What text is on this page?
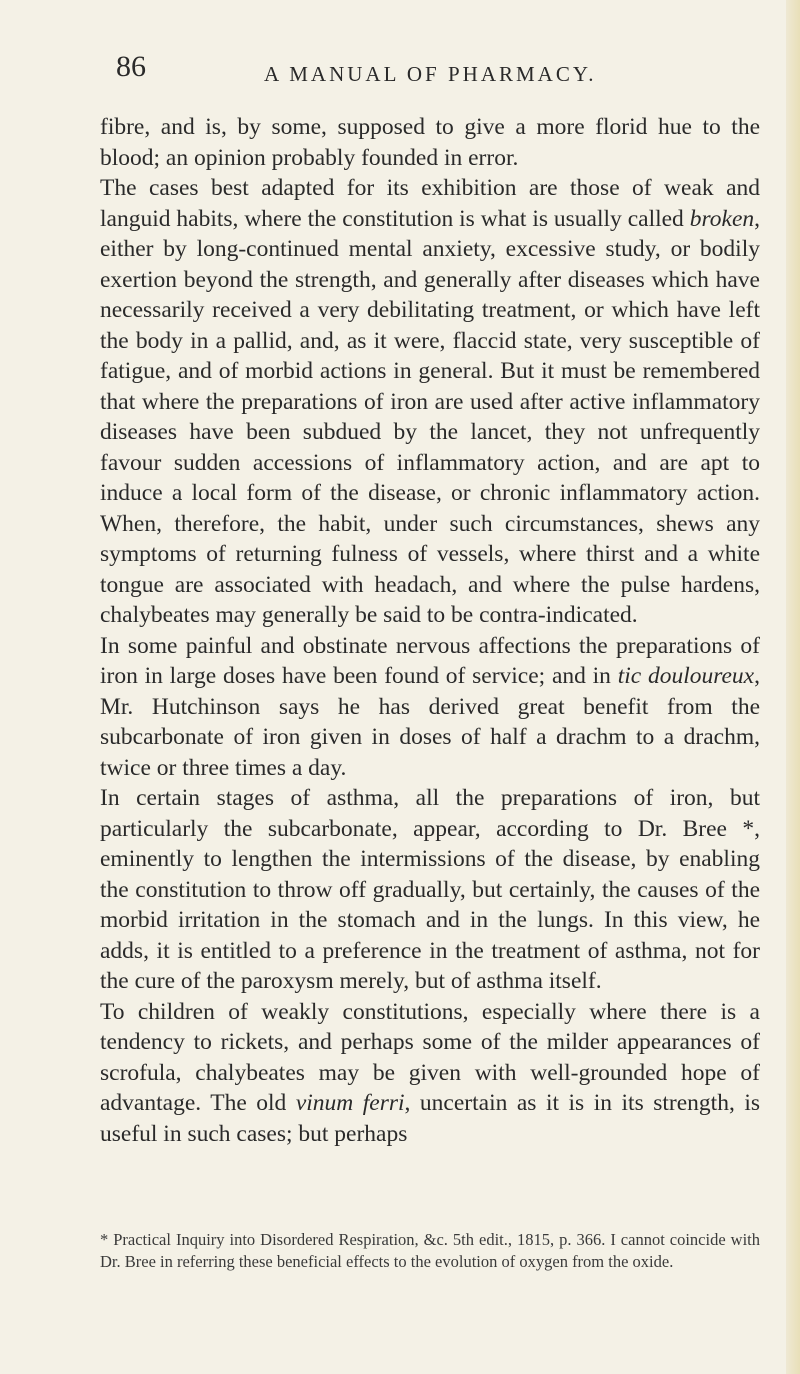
86	A MANUAL OF PHARMACY.

fibre, and is, by some, supposed to give a more florid hue to the blood; an opinion probably founded in error.

The cases best adapted for its exhibition are those of weak and languid habits, where the constitution is what is usually called broken, either by long-continued mental anxiety, excessive study, or bodily exertion beyond the strength, and generally after diseases which have necessarily received a very debilitating treatment, or which have left the body in a pallid, and, as it were, flaccid state, very susceptible of fatigue, and of morbid actions in general. But it must be remembered that where the preparations of iron are used after active inflammatory diseases have been subdued by the lancet, they not unfrequently favour sudden accessions of inflammatory action, and are apt to induce a local form of the disease, or chronic inflammatory action. When, therefore, the habit, under such circumstances, shews any symptoms of returning fulness of vessels, where thirst and a white tongue are associated with headach, and where the pulse hardens, chalybeates may generally be said to be contra-indicated.

In some painful and obstinate nervous affections the preparations of iron in large doses have been found of service; and in tic douloureux, Mr. Hutchinson says he has derived great benefit from the subcarbonate of iron given in doses of half a drachm to a drachm, twice or three times a day.

In certain stages of asthma, all the preparations of iron, but particularly the subcarbonate, appear, according to Dr. Bree *, eminently to lengthen the intermissions of the disease, by enabling the constitution to throw off gradually, but certainly, the causes of the morbid irritation in the stomach and in the lungs. In this view, he adds, it is entitled to a preference in the treatment of asthma, not for the cure of the paroxysm merely, but of asthma itself.

To children of weakly constitutions, especially where there is a tendency to rickets, and perhaps some of the milder appearances of scrofula, chalybeates may be given with well-grounded hope of advantage. The old vinum ferri, uncertain as it is in its strength, is useful in such cases; but perhaps

* Practical Inquiry into Disordered Respiration, &c. 5th edit., 1815, p. 366. I cannot coincide with Dr. Bree in referring these beneficial effects to the evolution of oxygen from the oxide.
